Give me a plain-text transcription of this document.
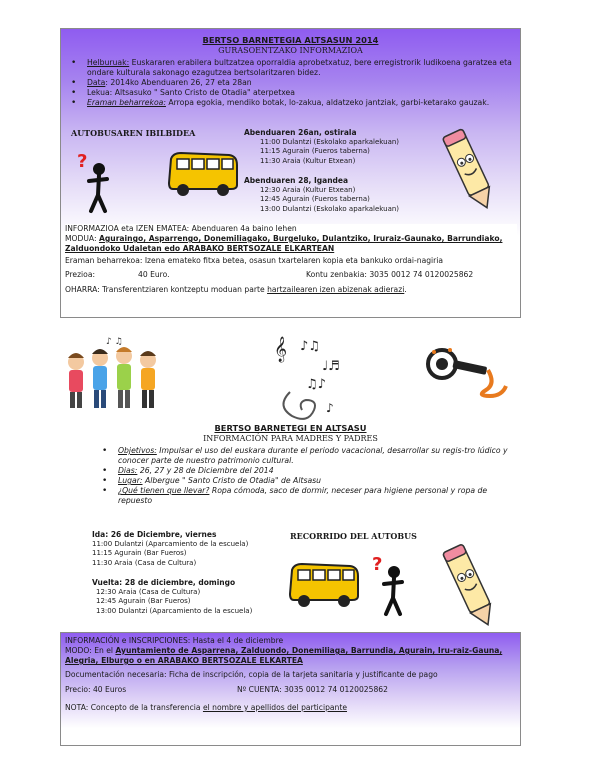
BERTSO BARNETEGIA ALTSASUN 2014
GURASOENTZAKO INFORMAZIOA
• Helburuak: Euskararen erabilera bultzatzea oporraldia aprobetxatuz, bere erregistrorik ludikoena garatzea eta ondare kulturala sakonago ezagutzea bertsolaritzaren bidez.
• Data: 2014ko Abenduaren 26, 27 eta 28an
• Lekua: Altsasuko " Santo Cristo de Otadia" aterpetxea
• Eraman beharrekoa: Arropa egokia, mendiko botak, lo-zakua, aldatzeko jantziak, garbi-ketarako gauzak.
AUTOBUSAREN IBILBIDEA
?
Abenduaren 26an, ostirala
11:00 Dulantzi (Eskolako aparkalekuan)
11:15 Agurain (Fueros taberna)
11:30 Araia (Kultur Etxean)
Abenduaren 28, Igandea
12:30 Araia (Kultur Etxean)
12:45 Agurain (Fueros taberna)
13:00 Dulantzi (Eskolako aparkalekuan)
INFORMAZIOA eta IZEN EMATEA: Abenduaren 4a baino lehen
MODUA: Aguraingo, Asparrengo, Donemiliagako, Burgeluko, Dulantziko, Iruraiz-Gaunako, Barrundiako, Zalduondoko Udaletan edo ARABAKO BERTSOZALE ELKARTEAN
Eraman beharrekoa: Izena emateko fitxa betea, osasun txartelaren kopia eta bankuko ordai-nagiria
Prezioa:	40 Euro.	Kontu zenbakia: 3035 0012 74 0120025862
OHARRA: Transferentziaren kontzeptu moduan parte hartzailearen izen abizenak adierazi.
♪ ♫	𝄞 ♪♫
♩♬
♫♪
♪
BERTSO BARNETEGI EN ALTSASU
INFORMACIÓN PARA MADRES Y PADRES
• Objetivos: Impulsar el uso del euskara durante el periodo vacacional, desarrollar su regis-tro lúdico y conocer parte de nuestro patrimonio cultural.
• Dias: 26, 27 y 28 de Diciembre del 2014
• Lugar: Albergue " Santo Cristo de Otadia" de Altsasu
• ¿Qué tienen que llevar? Ropa cómoda, saco de dormir, neceser para higiene personal y ropa de repuesto
Ida: 26 de Diciembre, viernes
11:00 Dulantzi (Aparcamiento de la escuela)
11:15 Agurain (Bar Fueros)
11:30 Araia (Casa de Cultura)
RECORRIDO DEL AUTOBUS
Vuelta: 28 de diciembre, domingo
12:30 Araia (Casa de Cultura)
12:45 Agurain (Bar Fueros)
13:00 Dulantzi (Aparcamiento de la escuela)
?
INFORMACIÓN e INSCRIPCIONES: Hasta el 4 de diciembre
MODO: En el Ayuntamiento de Asparrena, Zalduondo, Donemiliaga, Barrundia, Agurain, Iru-raiz-Gauna, Alegria, Elburgo o en ARABAKO BERTSOZALE ELKARTEA
Documentación necesaria: Ficha de inscripción, copia de la tarjeta sanitaria y justificante de pago
Precio: 40 Euros	Nº CUENTA: 3035 0012 74 0120025862
NOTA: Concepto de la transferencia el nombre y apellidos del participante
